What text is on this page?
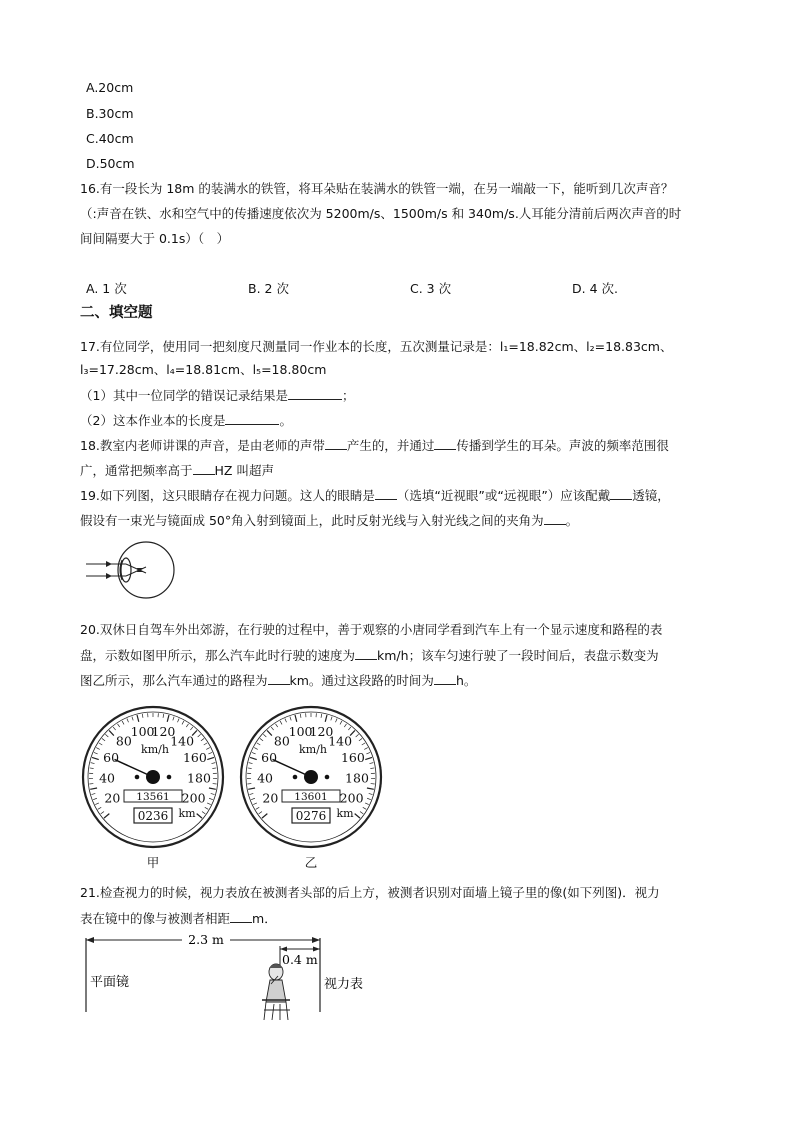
A.20cm
B.30cm
C.40cm
D.50cm
16.有一段长为 18m 的装满水的铁管，将耳朵贴在装满水的铁管一端，在另一端敲一下，能听到几次声音？
（:声音在铁、水和空气中的传播速度依次为 5200m/s、1500m/s 和 340m/s.人耳能分清前后两次声音的时
间间隔要大于 0.1s）（　）
A. 1 次	B. 2 次	C. 3 次	D. 4 次.
二、填空题
17.有位同学，使用同一把刻度尺测量同一作业本的长度，五次测量记录是：l₁=18.82cm、l₂=18.83cm、
l₃=17.28cm、l₄=18.81cm、l₅=18.80cm
（1）其中一位同学的错误记录结果是	；
（2）这本作业本的长度是	。
18.教室内老师讲课的声音，是由老师的声带 产生的，并通过 传播到学生的耳朵。声波的频率范围很
广，通常把频率高于 HZ 叫超声
19.如下列图，这只眼睛存在视力问题。这人的眼睛是 （选填“近视眼”或“远视眼”）应该配戴 透镜，
假设有一束光与镜面成 50°角入射到镜面上，此时反射光线与入射光线之间的夹角为 。
20.双休日自驾车外出郊游，在行驶的过程中，善于观察的小唐同学看到汽车上有一个显示速度和路程的表
盘，示数如图甲所示，那么汽车此时行驶的速度为 km/h；该车匀速行驶了一段时间后，表盘示数变为
图乙所示，那么汽车通过的路程为 km。通过这段路的时间为 h。
20
40
60
80
100
120
140
160
180
200
km/h
13561
0236 km
甲
20
40
60
80
100
120
140
160
180
200
km/h
13601
0276 km
乙
21.检查视力的时候，视力表放在被测者头部的后上方，被测者识别对面墙上镜子里的像(如下列图)．视力
表在镜中的像与被测者相距 m．
2.3 m
0.4 m
平面镜	视力表
